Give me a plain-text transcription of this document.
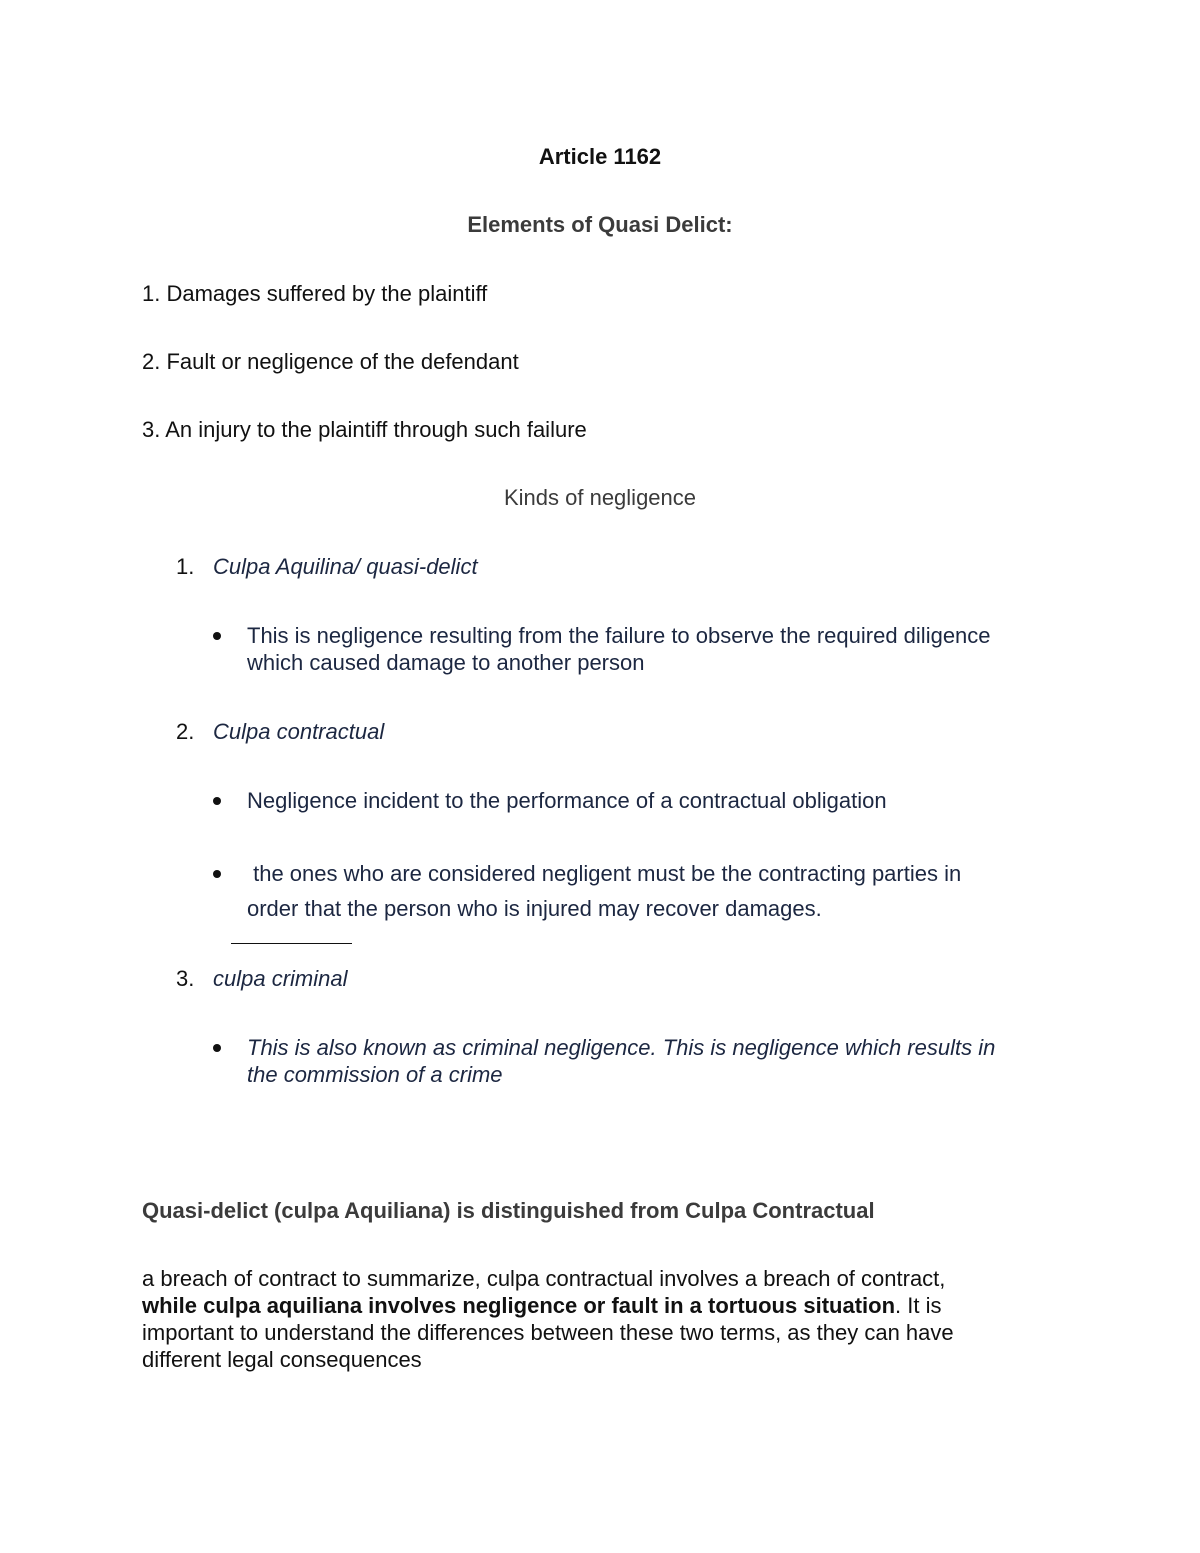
Article 1162
Elements of Quasi Delict:
1. Damages suffered by the plaintiff
2. Fault or negligence of the defendant
3. An injury to the plaintiff through such failure
Kinds of negligence
1. Culpa Aquilina/ quasi-delict
This is negligence resulting from the failure to observe the required diligence
which caused damage to another person
2. Culpa contractual
Negligence incident to the performance of a contractual obligation
the ones who are considered negligent must be the contracting parties in
order that the person who is injured may recover damages.
3. culpa criminal
This is also known as criminal negligence. This is negligence which results in
the commission of a crime
Quasi-delict (culpa Aquiliana) is distinguished from Culpa Contractual
a breach of contract to summarize, culpa contractual involves a breach of contract,
while culpa aquiliana involves negligence or fault in a tortuous situation. It is
important to understand the differences between these two terms, as they can have
different legal consequences
